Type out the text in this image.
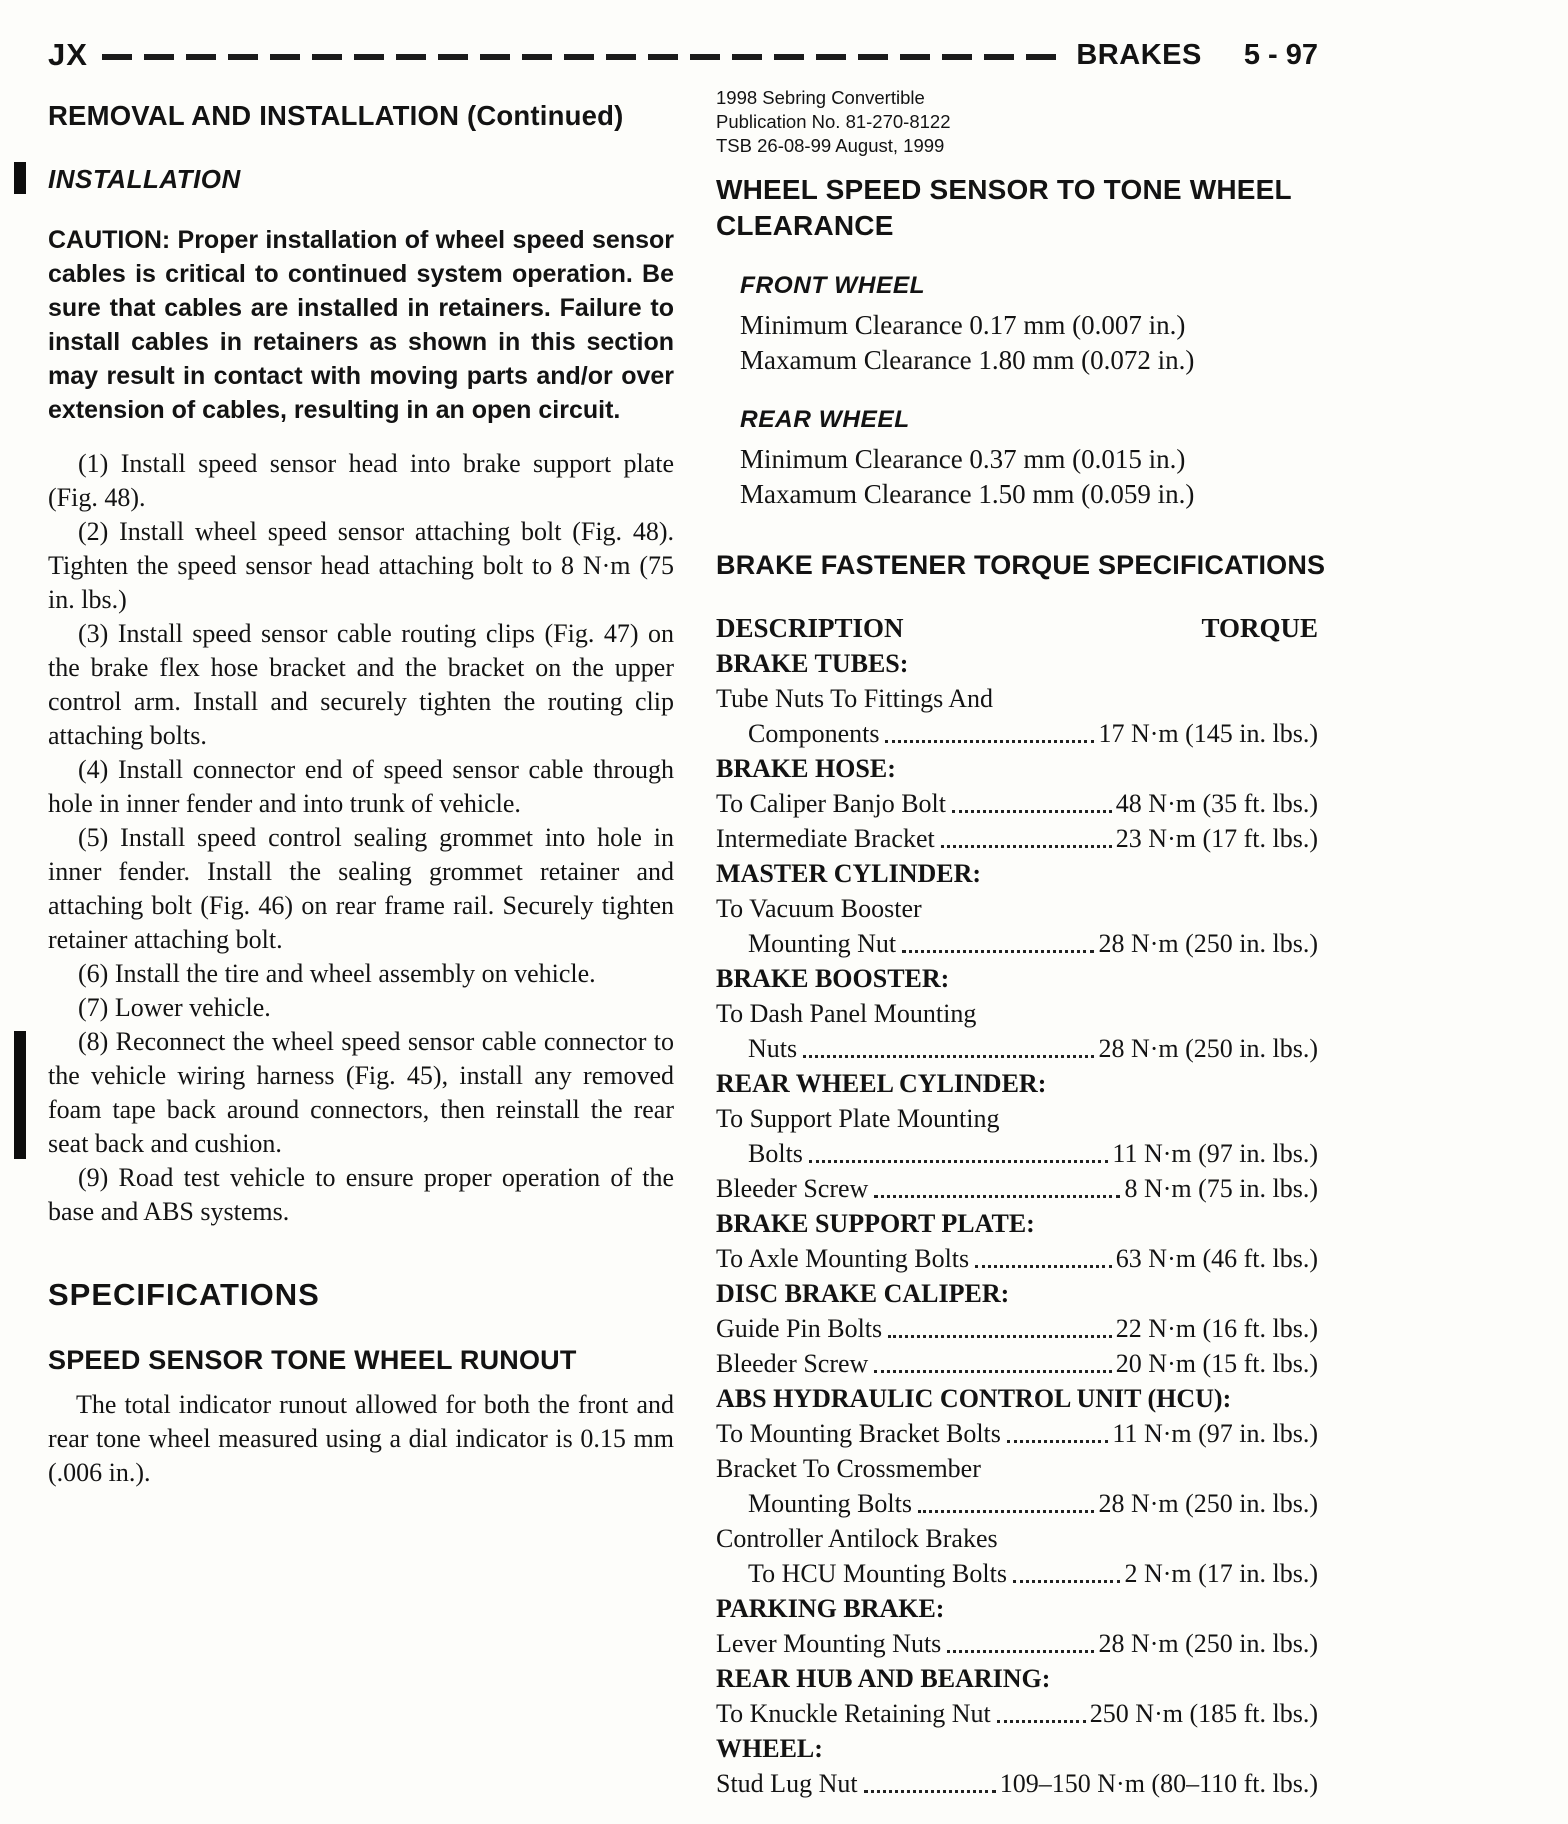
JX	BRAKES 5 - 97
REMOVAL AND INSTALLATION (Continued)
INSTALLATION

CAUTION: Proper installation of wheel speed sensor cables is critical to continued system operation. Be sure that cables are installed in retainers. Failure to install cables in retainers as shown in this section may result in contact with moving parts and/or over extension of cables, resulting in an open circuit.

(1) Install speed sensor head into brake support plate (Fig. 48).

(2) Install wheel speed sensor attaching bolt (Fig. 48). Tighten the speed sensor head attaching bolt to 8 N·m (75 in. lbs.)

(3) Install speed sensor cable routing clips (Fig. 47) on the brake flex hose bracket and the bracket on the upper control arm. Install and securely tighten the routing clip attaching bolts.

(4) Install connector end of speed sensor cable through hole in inner fender and into trunk of vehicle.

(5) Install speed control sealing grommet into hole in inner fender. Install the sealing grommet retainer and attaching bolt (Fig. 46) on rear frame rail. Securely tighten retainer attaching bolt.

(6) Install the tire and wheel assembly on vehicle.

(7) Lower vehicle.

(8) Reconnect the wheel speed sensor cable connector to the vehicle wiring harness (Fig. 45), install any removed foam tape back around connectors, then reinstall the rear seat back and cushion.

(9) Road test vehicle to ensure proper operation of the base and ABS systems.

SPECIFICATIONS
SPEED SENSOR TONE WHEEL RUNOUT

The total indicator runout allowed for both the front and rear tone wheel measured using a dial indicator is 0.15 mm (.006 in.).

1998 Sebring Convertible
Publication No. 81-270-8122
TSB 26-08-99 August, 1999
WHEEL SPEED SENSOR TO TONE WHEEL CLEARANCE
FRONT WHEEL

Minimum Clearance 0.17 mm (0.007 in.)

Maxamum Clearance 1.80 mm (0.072 in.)

REAR WHEEL

Minimum Clearance 0.37 mm (0.015 in.)

Maxamum Clearance 1.50 mm (0.059 in.)

BRAKE FASTENER TORQUE SPECIFICATIONS
DESCRIPTION	TORQUE
BRAKE TUBES:
Tube Nuts To Fittings And
Components	17 N·m (145 in. lbs.)
BRAKE HOSE:
To Caliper Banjo Bolt	48 N·m (35 ft. lbs.)
Intermediate Bracket	23 N·m (17 ft. lbs.)
MASTER CYLINDER:
To Vacuum Booster
Mounting Nut	28 N·m (250 in. lbs.)
BRAKE BOOSTER:
To Dash Panel Mounting
Nuts	28 N·m (250 in. lbs.)
REAR WHEEL CYLINDER:
To Support Plate Mounting
Bolts	11 N·m (97 in. lbs.)
Bleeder Screw	8 N·m (75 in. lbs.)
BRAKE SUPPORT PLATE:
To Axle Mounting Bolts	63 N·m (46 ft. lbs.)
DISC BRAKE CALIPER:
Guide Pin Bolts	22 N·m (16 ft. lbs.)
Bleeder Screw	20 N·m (15 ft. lbs.)
ABS HYDRAULIC CONTROL UNIT (HCU):
To Mounting Bracket Bolts	11 N·m (97 in. lbs.)
Bracket To Crossmember
Mounting Bolts	28 N·m (250 in. lbs.)
Controller Antilock Brakes
To HCU Mounting Bolts	2 N·m (17 in. lbs.)
PARKING BRAKE:
Lever Mounting Nuts	28 N·m (250 in. lbs.)
REAR HUB AND BEARING:
To Knuckle Retaining Nut	250 N·m (185 ft. lbs.)
WHEEL:
Stud Lug Nut	109–150 N·m (80–110 ft. lbs.)
